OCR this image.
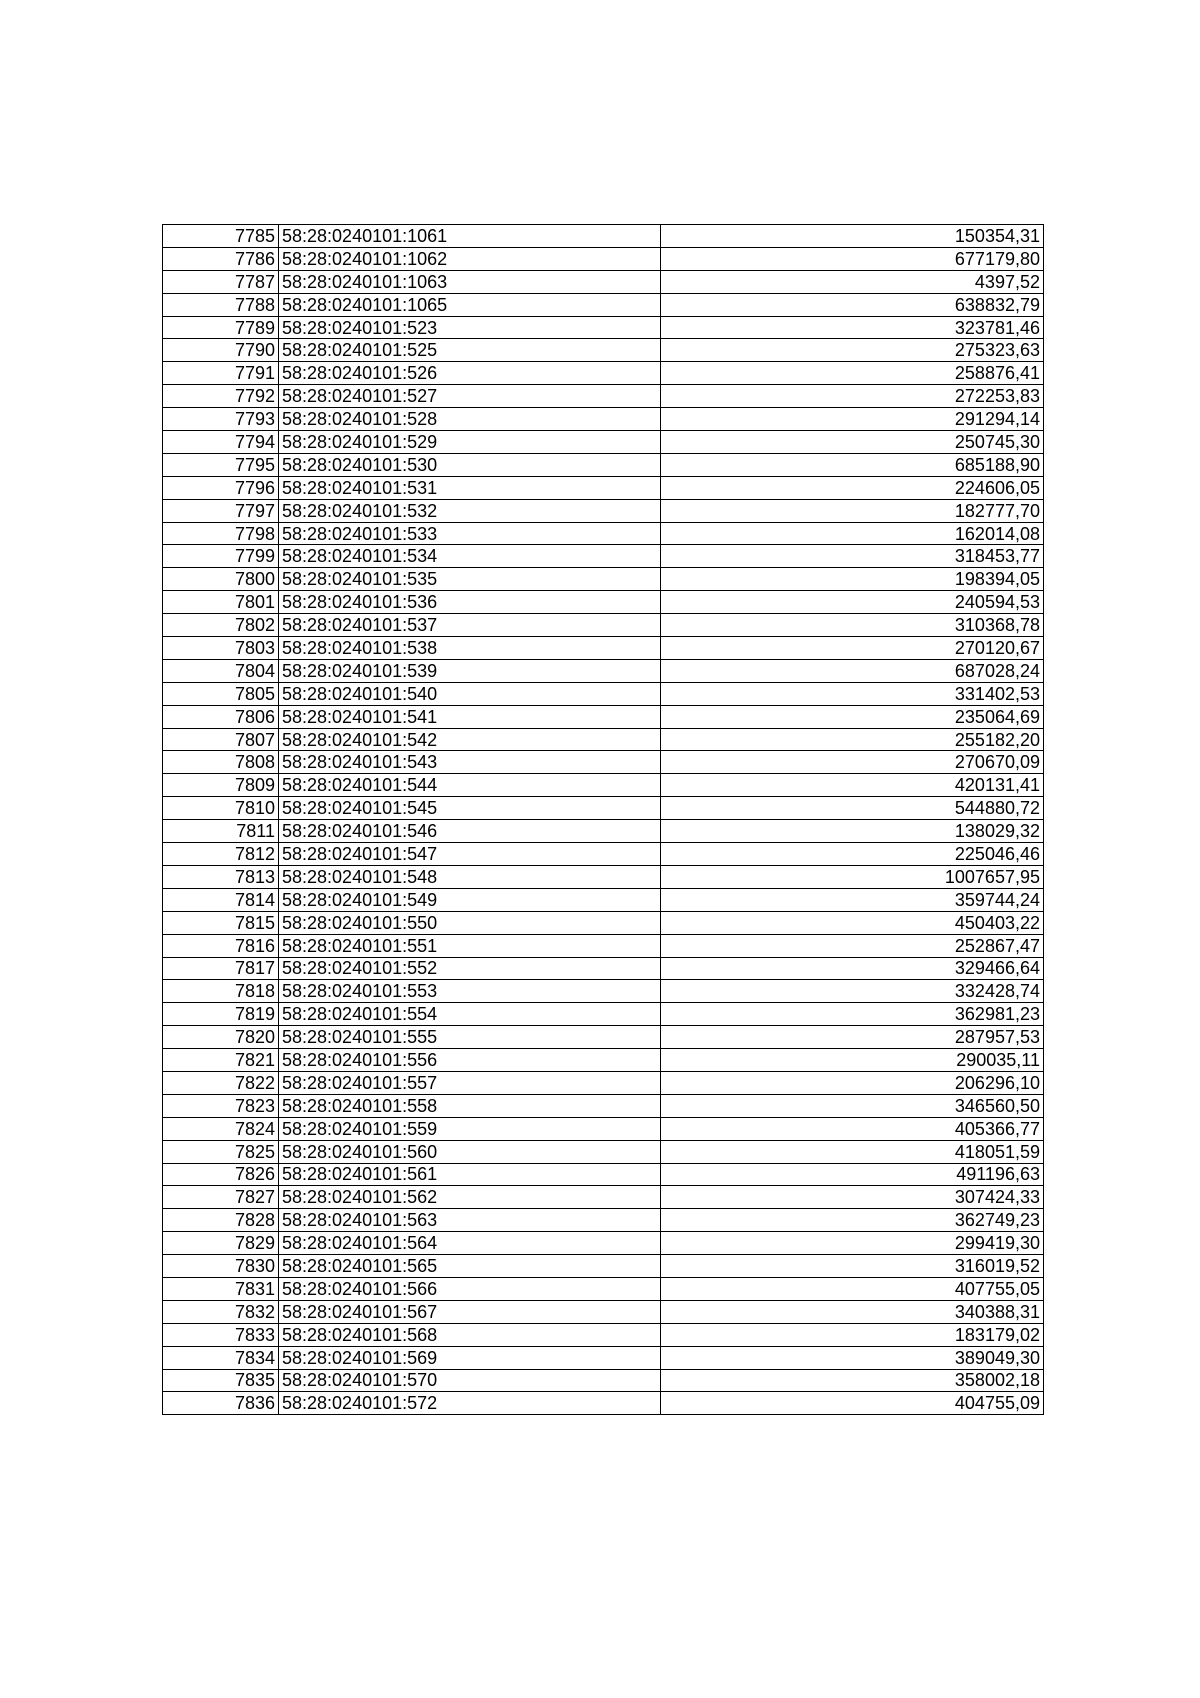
7785	58:28:0240101:1061	150354,31
7786	58:28:0240101:1062	677179,80
7787	58:28:0240101:1063	4397,52
7788	58:28:0240101:1065	638832,79
7789	58:28:0240101:523	323781,46
7790	58:28:0240101:525	275323,63
7791	58:28:0240101:526	258876,41
7792	58:28:0240101:527	272253,83
7793	58:28:0240101:528	291294,14
7794	58:28:0240101:529	250745,30
7795	58:28:0240101:530	685188,90
7796	58:28:0240101:531	224606,05
7797	58:28:0240101:532	182777,70
7798	58:28:0240101:533	162014,08
7799	58:28:0240101:534	318453,77
7800	58:28:0240101:535	198394,05
7801	58:28:0240101:536	240594,53
7802	58:28:0240101:537	310368,78
7803	58:28:0240101:538	270120,67
7804	58:28:0240101:539	687028,24
7805	58:28:0240101:540	331402,53
7806	58:28:0240101:541	235064,69
7807	58:28:0240101:542	255182,20
7808	58:28:0240101:543	270670,09
7809	58:28:0240101:544	420131,41
7810	58:28:0240101:545	544880,72
7811	58:28:0240101:546	138029,32
7812	58:28:0240101:547	225046,46
7813	58:28:0240101:548	1007657,95
7814	58:28:0240101:549	359744,24
7815	58:28:0240101:550	450403,22
7816	58:28:0240101:551	252867,47
7817	58:28:0240101:552	329466,64
7818	58:28:0240101:553	332428,74
7819	58:28:0240101:554	362981,23
7820	58:28:0240101:555	287957,53
7821	58:28:0240101:556	290035,11
7822	58:28:0240101:557	206296,10
7823	58:28:0240101:558	346560,50
7824	58:28:0240101:559	405366,77
7825	58:28:0240101:560	418051,59
7826	58:28:0240101:561	491196,63
7827	58:28:0240101:562	307424,33
7828	58:28:0240101:563	362749,23
7829	58:28:0240101:564	299419,30
7830	58:28:0240101:565	316019,52
7831	58:28:0240101:566	407755,05
7832	58:28:0240101:567	340388,31
7833	58:28:0240101:568	183179,02
7834	58:28:0240101:569	389049,30
7835	58:28:0240101:570	358002,18
7836	58:28:0240101:572	404755,09
